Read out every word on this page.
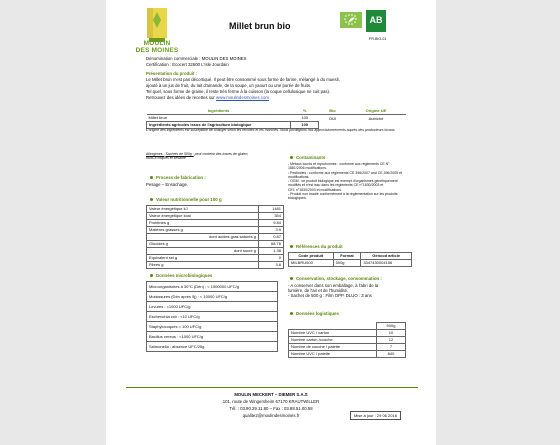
MOULIN
DES MOINES
Millet brun bio
AB
FR-BIO-01
Dénomination commerciale : MOULIN DES MOINES
Certification : Ecocert 32600 L'Isle Jourdain
Présentation du produit :
Le Millet brun n'est pas décortiqué. Il peut être consommé sous forme de farine, mélangé à du muesli,
ajouté à un jus de fruit, du lait d'amande, de la soupe, un yaourt ou une purée de fruits.
Tel quel, sous forme de graine, il reste très ferme à la cuisson (la coque cellulosique ne cuit pas).
Retrouvez des idées de recettes sur www.moulindesmoines.com
Ingrédients	%	Bio	Origine UE
Millet brun	100	OUI	Autriche
Ingrédients agricoles issus de l'agriculture biologique	100		
L'origine des ingrédients est susceptible de changer selon les récoltes et les marchés. Nous privilégions nos approvisionnements auprès des producteurs locaux.
Allergènes : Sachets de 500g : peut contenir des traces de gluten, fruits à coques et sésame.
Process de fabrication :
Pesage – Ensachage.
Valeur nutritionnelle pour 100 g
Valeur énergétique kJ	1481
Valeur énergétique kcal	354
Protéines g	9.84
Matières grasses g	3.9
dont acides gras saturés g	0.87
Glucides g	68.76
dont sucre g	1.38
Equivalent sel g	0
Fibres g	3.8
Données microbiologiques
Microorganismes à 30°C (Dén) : < 1000000 UFC/g
Moisissures (Dén après 5j) : < 10000 UFC/g
Levures : <1000 UFC/g
Escherichia coli : <10 UFC/g
Staphylocoques < 100 UFC/g
Bacillus cereus : <1000 UFC/g
Salmonella : absence UFC/25g
Contaminants
- Métaux lourds et mycotoxines : conforme aux règlements CE N°
1881/2006 modifications.
- Pesticides : conforme aux règlements CE 396/2007 and CE 396/2005 et
modifications.
- OGM : ce produit biologique est exempt d'organismes génétiquement
modifiés et n'est issu dans les règlements CE n°1830/2003 et
CE1 n°1830/2003 et modifications.
- Produit non irradié conformément à la réglementation sur les produits
biologiques.
Références du produit
Code produit	Format	Gencod article
MILBRU500	500g	3347430004156
Conservation, stockage, consommation :
- A conserver dans son emballage, à l'abri de la
lumière, de l'air et de l'humidité.
- Sachet de 500 g : Film OPP. DLUO : 3 ans
Données logistiques
	500g
Nombre UVC / carton	10
Nombre carton /couche	12
Nombre de couche / palette	7
Nombre UVC / palette	840
MOULIN MECKERT – DIEMER S.A.S
101, route de Wingersheim 67170 KRAUTWILLER
Tél. : 03.90.29.11.80 – Fax : 03.88.51.00.58
qualite2@moulindesmoines.fr	Mise à jour : 29 06 2016
